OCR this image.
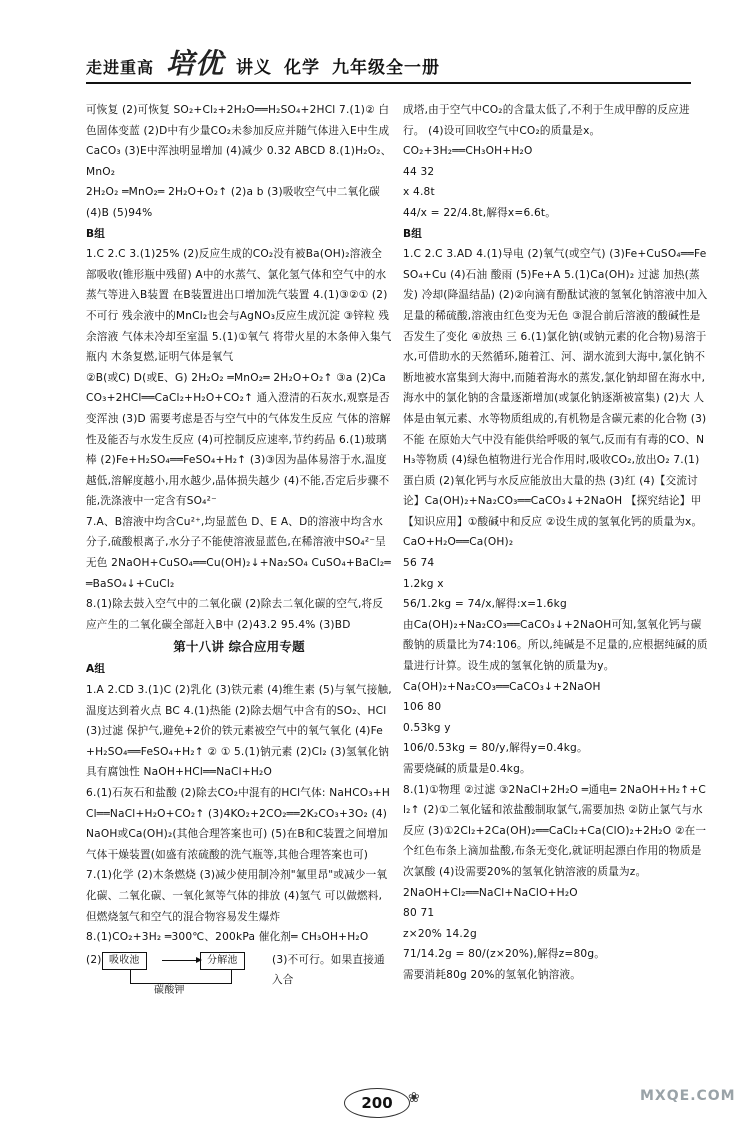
走进重高 培优 讲义 化学 九年级全一册

可恢复 (2)可恢复 SO₂+Cl₂+2H₂O══H₂SO₄+2HCl 7.(1)② 白色固体变蓝 (2)D中有少量CO₂未参加反应并随气体进入E中生成CaCO₃ (3)E中浑浊明显增加 (4)减少 0.32 ABCD 8.(1)H₂O₂、MnO₂

2H₂O₂ ═MnO₂═ 2H₂O+O₂↑ (2)a b (3)吸收空气中二氧化碳 (4)B (5)94%

B组

1.C 2.C 3.(1)25% (2)反应生成的CO₂没有被Ba(OH)₂溶液全部吸收(锥形瓶中残留) A中的水蒸气、氯化氢气体和空气中的水蒸气等进入B装置 在B装置进出口增加洗气装置 4.(1)③②① (2)不可行 残余液中的MnCl₂也会与AgNO₃反应生成沉淀 ③锌粒 残余溶液 气体未冷却至室温 5.(1)①氧气 将带火星的木条伸入集气瓶内 木条复燃,证明气体是氧气

②B(或C) D(或E、G) 2H₂O₂ ═MnO₂═ 2H₂O+O₂↑ ③a (2)CaCO₃+2HCl══CaCl₂+H₂O+CO₂↑ 通入澄清的石灰水,观察是否变浑浊 (3)D 需要考虑是否与空气中的气体发生反应 气体的溶解性及能否与水发生反应 (4)可控制反应速率,节约药品 6.(1)玻璃棒 (2)Fe+H₂SO₄══FeSO₄+H₂↑ (3)③因为晶体易溶于水,温度越低,溶解度越小,用水越少,晶体损失越少 (4)不能,否定后步骤不能,洗涤液中一定含有SO₄²⁻

7.A、B溶液中均含Cu²⁺,均显蓝色 D、E A、D的溶液中均含水分子,硫酸根离子,水分子不能使溶液显蓝色,在稀溶液中SO₄²⁻呈无色 2NaOH+CuSO₄══Cu(OH)₂↓+Na₂SO₄ CuSO₄+BaCl₂══BaSO₄↓+CuCl₂

8.(1)除去鼓入空气中的二氧化碳 (2)除去二氧化碳的空气,将反应产生的二氧化碳全部赶入B中 (2)43.2 95.4% (3)BD

第十八讲 综合应用专题

A组

1.A 2.CD 3.(1)C (2)乳化 (3)铁元素 (4)维生素 (5)与氧气接触,温度达到着火点 BC 4.(1)热能 (2)除去烟气中含有的SO₂、HCl (3)过滤 保护气,避免+2价的铁元素被空气中的氧气氧化 (4)Fe+H₂SO₄══FeSO₄+H₂↑ ② ① 5.(1)钠元素 (2)Cl₂ (3)氢氧化钠具有腐蚀性 NaOH+HCl══NaCl+H₂O

6.(1)石灰石和盐酸 (2)除去CO₂中混有的HCl气体: NaHCO₃+HCl══NaCl+H₂O+CO₂↑ (3)4KO₂+2CO₂══2K₂CO₃+3O₂ (4)NaOH或Ca(OH)₂(其他合理答案也可) (5)在B和C装置之间增加气体干燥装置(如盛有浓硫酸的洗气瓶等,其他合理答案也可)

7.(1)化学 (2)木条燃烧 (3)减少使用制冷剂"氟里昂"或减少一氧化碳、二氧化碳、一氧化氮等气体的排放 (4)氢气 可以做燃料,但燃烧氢气和空气的混合物容易发生爆炸

8.(1)CO₂+3H₂ ═300℃、200kPa 催化剂═ CH₃OH+H₂O

(2) 吸收池	分解池
碳酸钾
(3)不可行。如果直接通入合

成塔,由于空气中CO₂的含量太低了,不利于生成甲醇的反应进行。 (4)设可回收空气中CO₂的质量是x。

CO₂+3H₂══CH₃OH+H₂O

44 32

x 4.8t

44/x = 22/4.8t,解得x=6.6t。

B组

1.C 2.C 3.AD 4.(1)导电 (2)氧气(或空气) (3)Fe+CuSO₄══FeSO₄+Cu (4)石油 酸雨 (5)Fe+A 5.(1)Ca(OH)₂ 过滤 加热(蒸发) 冷却(降温结晶) (2)②向滴有酚酞试液的氢氧化钠溶液中加入足量的稀硫酸,溶液由红色变为无色 ③混合前后溶液的酸碱性是否发生了变化 ④放热 三 6.(1)氯化钠(或钠元素的化合物)易溶于水,可借助水的天然循环,随着江、河、湖水流到大海中,氯化钠不断地被水富集到大海中,而随着海水的蒸发,氯化钠却留在海水中,海水中的氯化钠的含量逐渐增加(或氯化钠逐渐被富集) (2)大 人体是由氧元素、水等物质组成的,有机物是含碳元素的化合物 (3)不能 在原始大气中没有能供给呼吸的氧气,反而有有毒的CO、NH₃等物质 (4)绿色植物进行光合作用时,吸收CO₂,放出O₂ 7.(1)蛋白质 (2)氧化钙与水反应能放出大量的热 (3)红 (4)【交流讨论】Ca(OH)₂+Na₂CO₃══CaCO₃↓+2NaOH 【探究结论】甲 【知识应用】①酸碱中和反应 ②设生成的氢氧化钙的质量为x。

CaO+H₂O══Ca(OH)₂

56 74

1.2kg x

56/1.2kg = 74/x,解得:x=1.6kg

由Ca(OH)₂+Na₂CO₃══CaCO₃↓+2NaOH可知,氢氧化钙与碳酸钠的质量比为74:106。所以,纯碱是不足量的,应根据纯碱的质量进行计算。设生成的氢氧化钠的质量为y。

Ca(OH)₂+Na₂CO₃══CaCO₃↓+2NaOH

106 80

0.53kg y

106/0.53kg = 80/y,解得y=0.4kg。

需要烧碱的质量是0.4kg。

8.(1)①物理 ②过滤 ③2NaCl+2H₂O ═通电═ 2NaOH+H₂↑+Cl₂↑ (2)①二氧化锰和浓盐酸制取氯气,需要加热 ②防止氯气与水反应 (3)①2Cl₂+2Ca(OH)₂══CaCl₂+Ca(ClO)₂+2H₂O ②在一个红色布条上滴加盐酸,布条无变化,就证明起漂白作用的物质是次氯酸 (4)设需要20%的氢氧化钠溶液的质量为z。

2NaOH+Cl₂══NaCl+NaClO+H₂O

80 71

z×20% 14.2g

71/14.2g = 80/(z×20%),解得z=80g。

需要消耗80g 20%的氢氧化钠溶液。

200	❀	MXQE.COM
